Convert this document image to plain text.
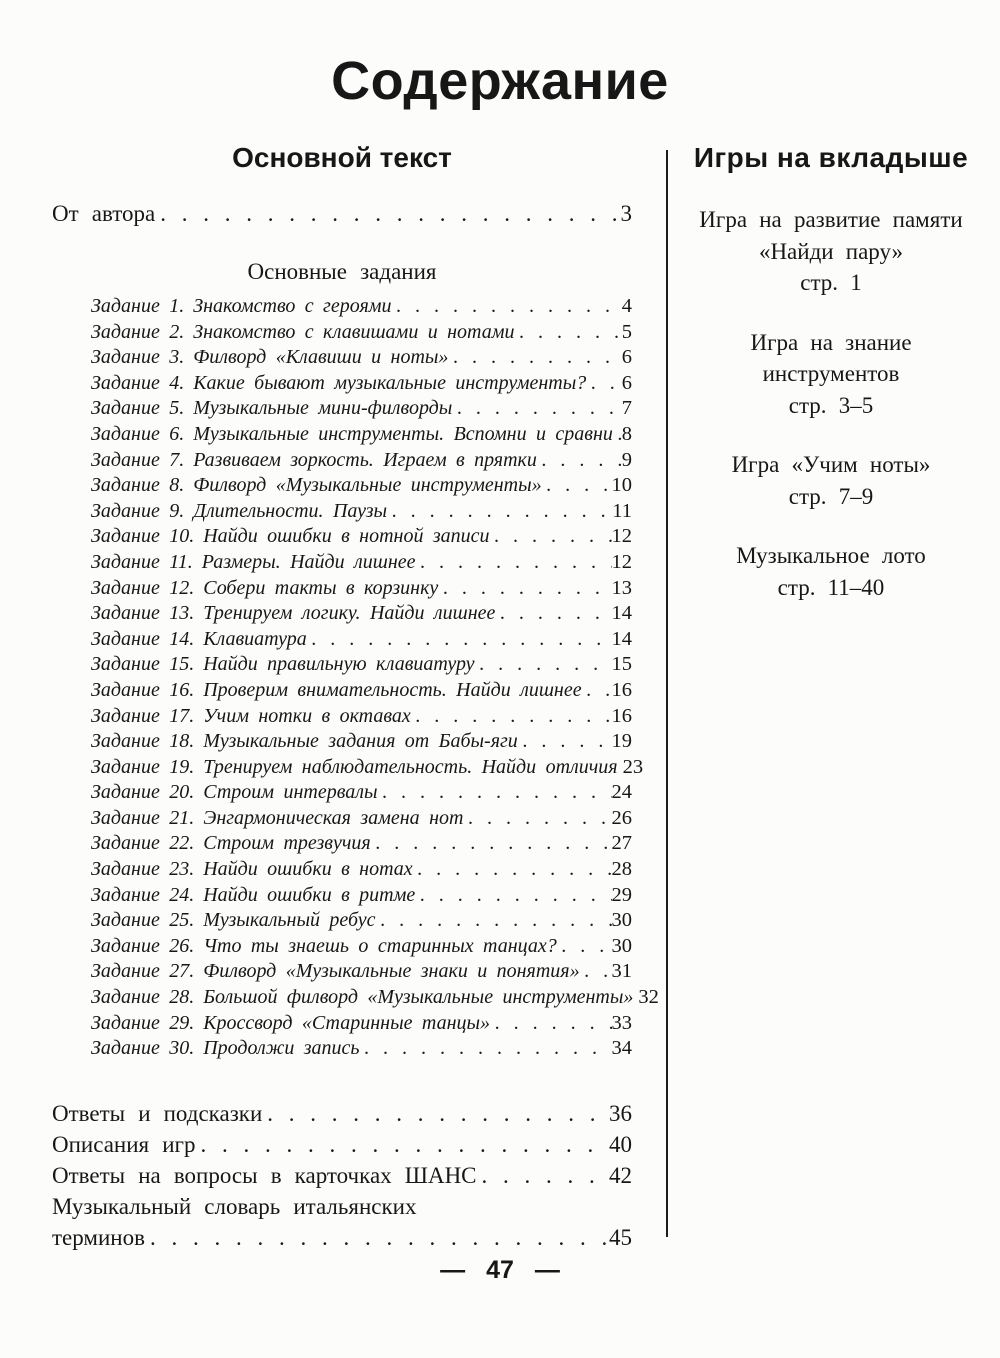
Содержание
Основной текст
От автора . . .	3
Основные задания
Задание 1. Знакомство с героями . . .	4
Задание 2. Знакомство с клавишами и нотами . . .	5
Задание 3. Филворд «Клавиши и ноты» . . .	6
Задание 4. Какие бывают музыкальные инструменты? . . . 6
Задание 5. Музыкальные мини-филворды . . .	7
Задание 6. Музыкальные инструменты. Вспомни и сравни . . . 8
Задание 7. Развиваем зоркость. Играем в прятки . . .	9
Задание 8. Филворд «Музыкальные инструменты» . . .	10
Задание 9. Длительности. Паузы . . .	11
Задание 10. Найди ошибки в нотной записи . . .	12
Задание 11. Размеры. Найди лишнее . . .	12
Задание 12. Собери такты в корзинку . . .	13
Задание 13. Тренируем логику. Найди лишнее . . .	14
Задание 14. Клавиатура . . .	14
Задание 15. Найди правильную клавиатуру . . .	15
Задание 16. Проверим внимательность. Найди лишнее . . . 16
Задание 17. Учим нотки в октавах . . .	16
Задание 18. Музыкальные задания от Бабы-яги . . .	19
Задание 19. Тренируем наблюдательность. Найди отличия . . . 23
Задание 20. Строим интервалы . . .	24
Задание 21. Энгармоническая замена нот . . .	26
Задание 22. Строим трезвучия . . .	27
Задание 23. Найди ошибки в нотах . . .	28
Задание 24. Найди ошибки в ритме . . .	29
Задание 25. Музыкальный ребус . . .	30
Задание 26. Что ты знаешь о старинных танцах? . . .	30
Задание 27. Филворд «Музыкальные знаки и понятия» . . . 31
Задание 28. Большой филворд «Музыкальные инструменты» . . . 32
Задание 29. Кроссворд «Старинные танцы» . . .	33
Задание 30. Продолжи запись . . .	34
Ответы и подсказки . . .	36
Описания игр . . .	40
Ответы на вопросы в карточках ШАНС . . .	42
Музыкальный словарь итальянских
терминов . . .	45
Игры на вкладыше
Игра на развитие памяти
«Найди пару»
стр. 1
Игра на знание
инструментов
стр. 3–5
Игра «Учим ноты»
стр. 7–9
Музыкальное лото
стр. 11–40
— 47 —
